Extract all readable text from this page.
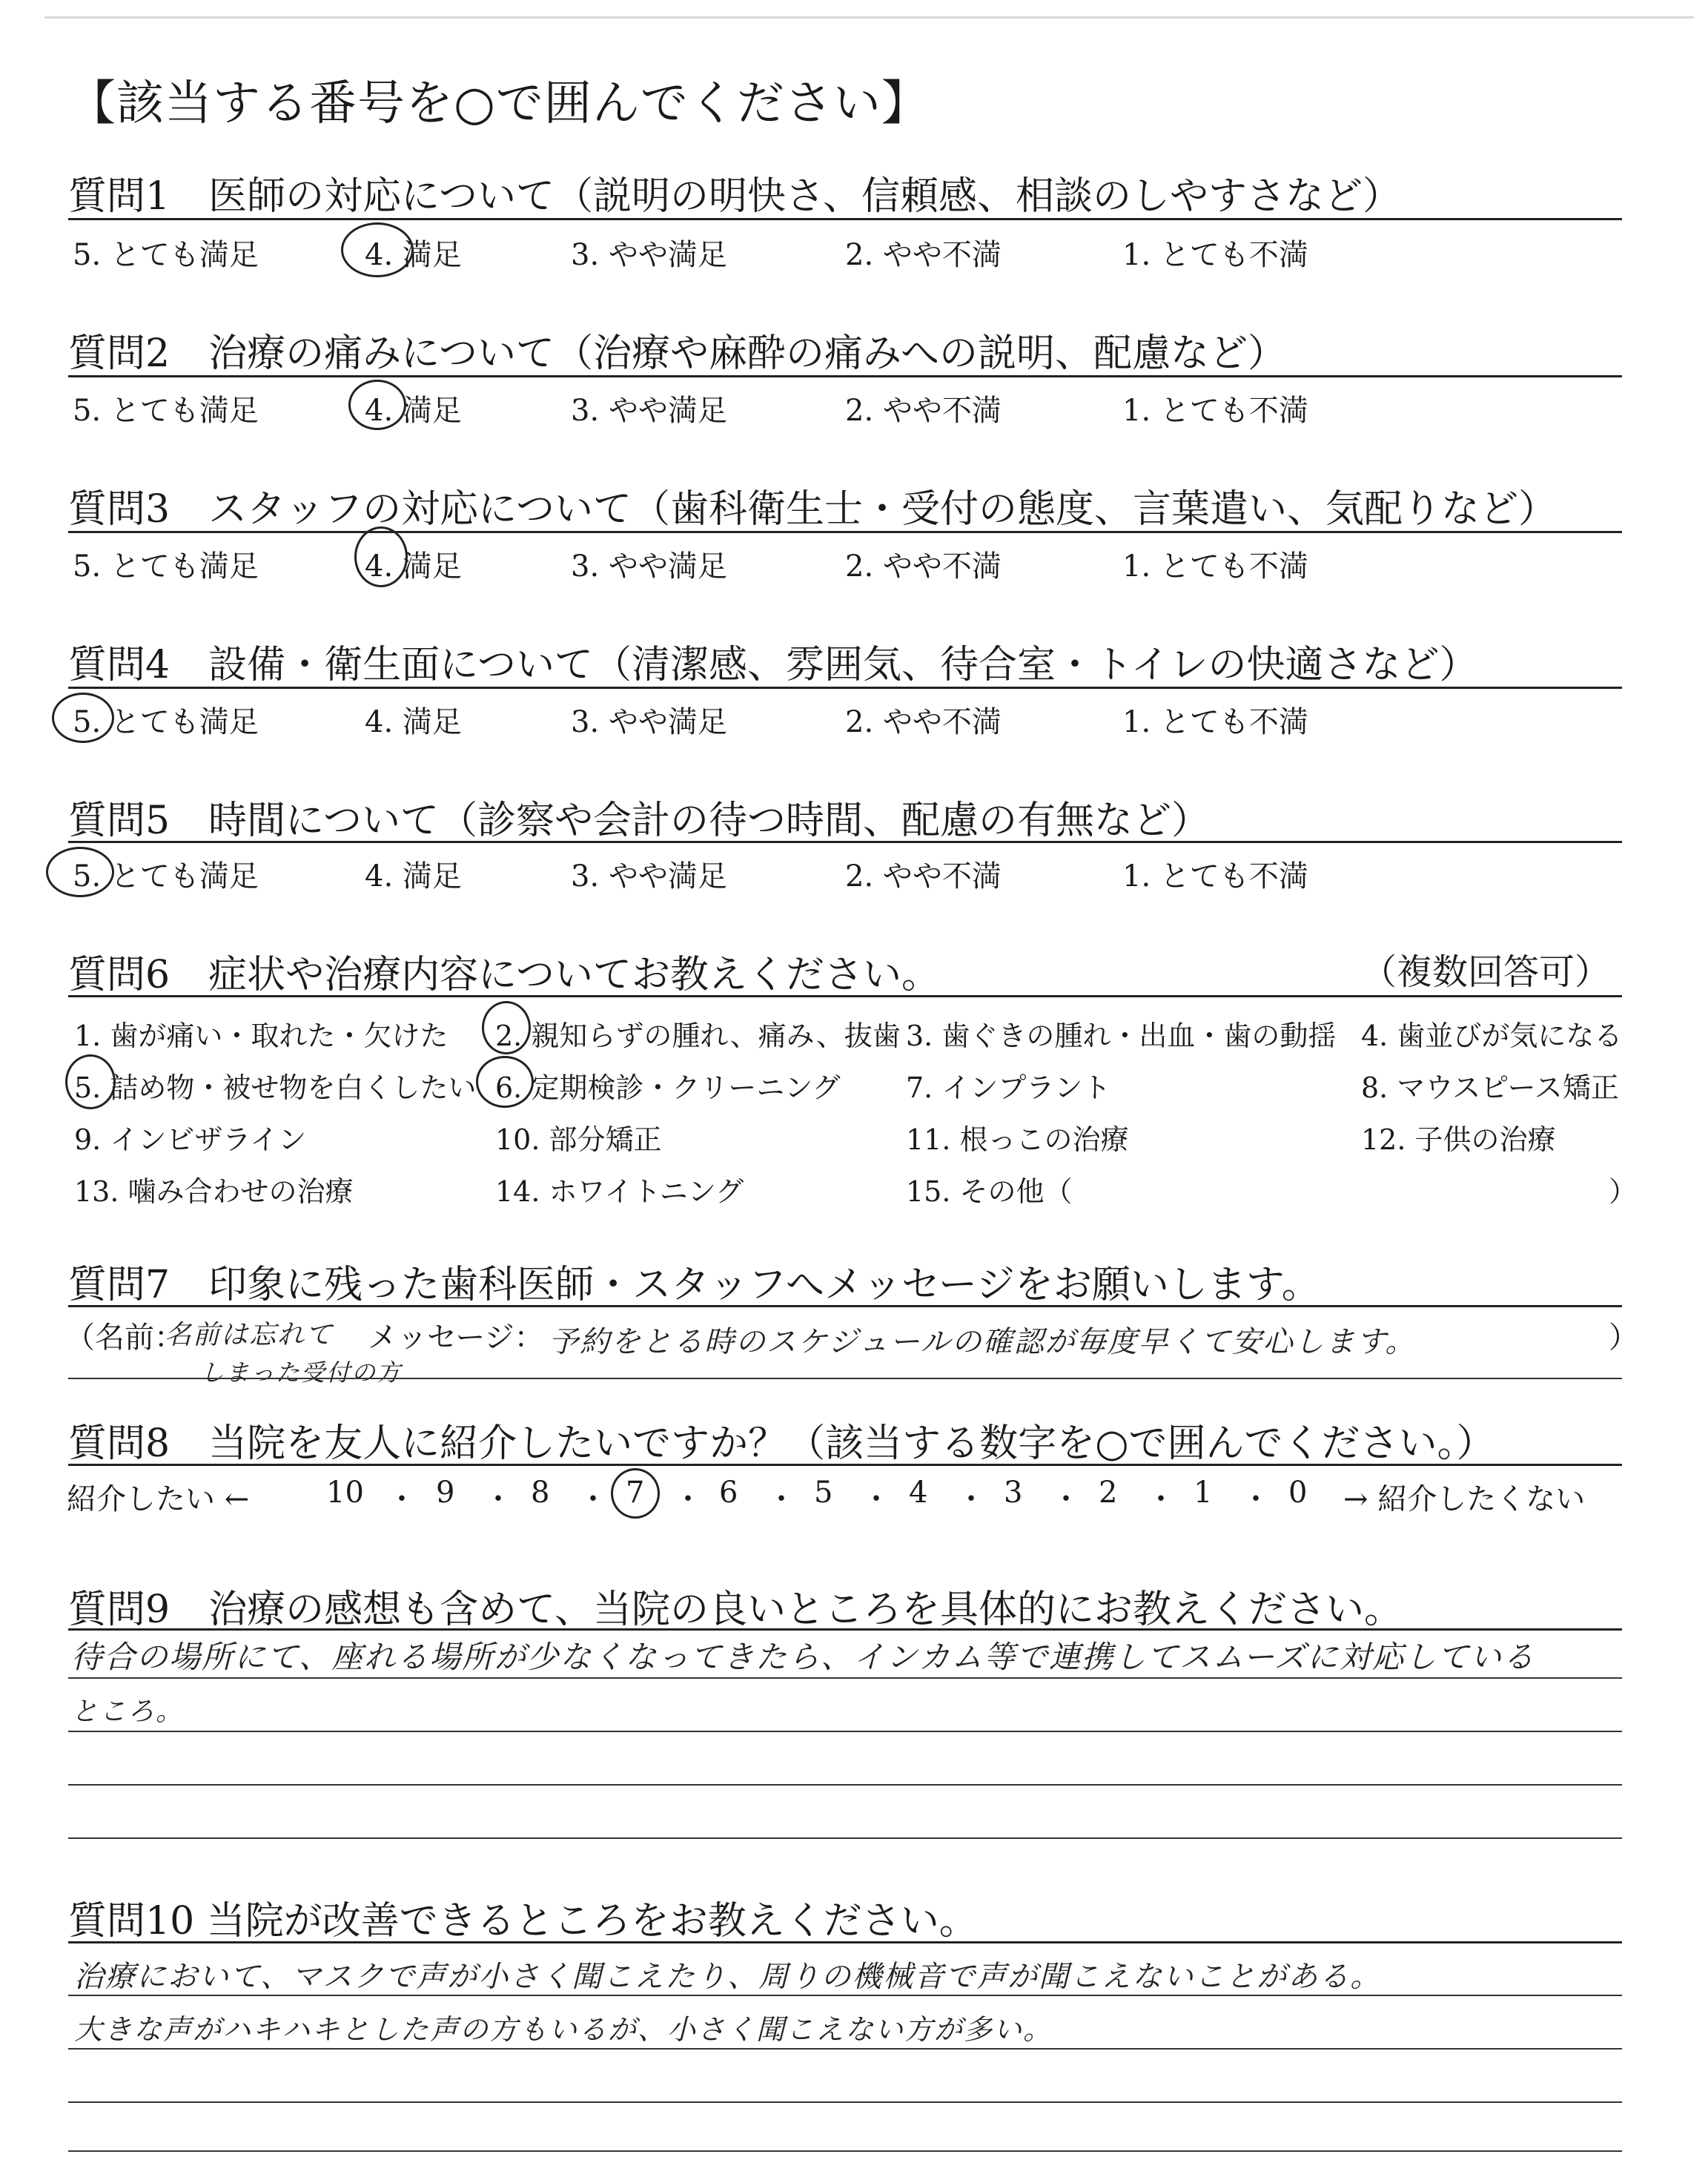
【該当する番号を○で囲んでください】
質問1　医師の対応について（説明の明快さ、信頼感、相談のしやすさなど）
5. とても満足	4. 満足	3. やや満足	2. やや不満	1. とても不満
質問2　治療の痛みについて（治療や麻酔の痛みへの説明、配慮など）
5. とても満足	4. 満足	3. やや満足	2. やや不満	1. とても不満
質問3　スタッフの対応について（歯科衛生士・受付の態度、言葉遣い、気配りなど）
5. とても満足	4. 満足	3. やや満足	2. やや不満	1. とても不満
質問4　設備・衛生面について（清潔感、雰囲気、待合室・トイレの快適さなど）
5. とても満足	4. 満足	3. やや満足	2. やや不満	1. とても不満
質問5　時間について（診察や会計の待つ時間、配慮の有無など）
5. とても満足	4. 満足	3. やや満足	2. やや不満	1. とても不満
質問6　症状や治療内容についてお教えください。	（複数回答可）
1. 歯が痛い・取れた・欠けた 2. 親知らずの腫れ、痛み、抜歯 3. 歯ぐきの腫れ・出血・歯の動揺 4. 歯並びが気になる
5. 詰め物・被せ物を白くしたい 6. 定期検診・クリーニング 7. インプラント	8. マウスピース矯正
9. インビザライン	10. 部分矯正	11. 根っこの治療	12. 子供の治療
13. 噛み合わせの治療	14. ホワイトニング	15. その他（	）
質問7　印象に残った歯科医師・スタッフへメッセージをお願いします。
（名前：
名前は忘れて
しまった受付の方
メッセージ： 予約をとる時のスケジュールの確認が毎度早くて安心します。	）
質問8　当院を友人に紹介したいですか？（該当する数字を○で囲んでください。）
紹介したい ←	10 ・ 9 ・ 8 ・ 7 ・ 6 ・ 5 ・ 4 ・ 3 ・ 2 ・ 1 ・ 0 → 紹介したくない
質問9　治療の感想も含めて、当院の良いところを具体的にお教えください。
待合の場所にて、座れる場所が少なくなってきたら、インカム等で連携してスムーズに対応している
ところ。
質問10 当院が改善できるところをお教えください。
治療において、マスクで声が小さく聞こえたり、周りの機械音で声が聞こえないことがある。
大きな声がハキハキとした声の方もいるが、小さく聞こえない方が多い。
